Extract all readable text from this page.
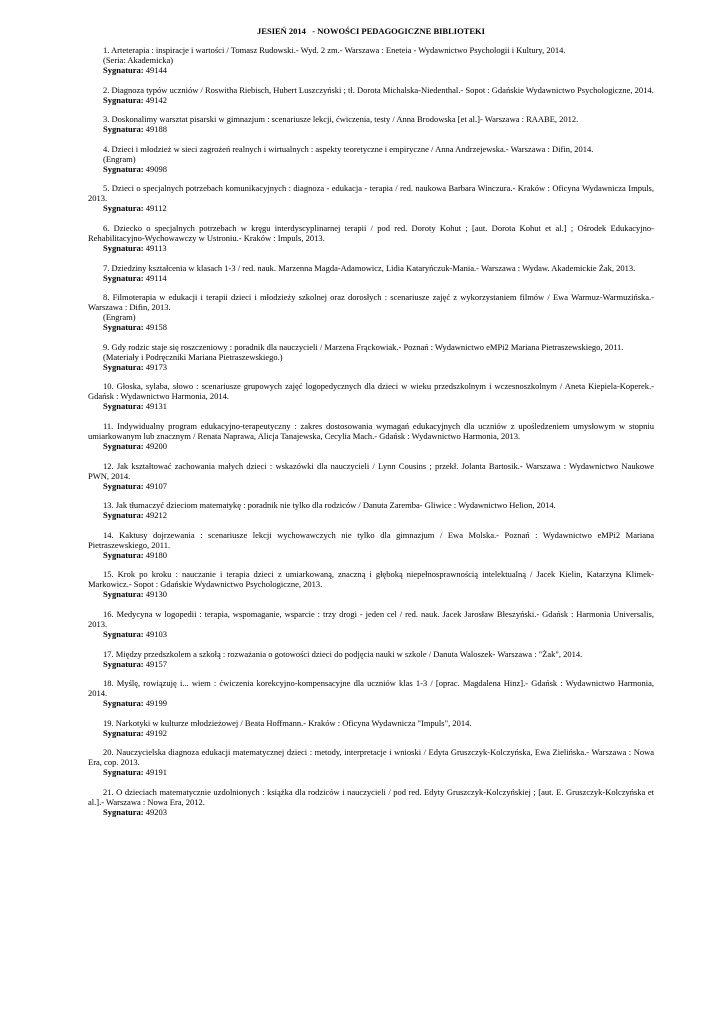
JESIEŃ 2014   - NOWOŚCI PEDAGOGICZNE BIBLIOTEKI

1. Arteterapia : inspiracje i wartości / Tomasz Rudowski.- Wyd. 2 zm.- Warszawa : Eneteia - Wydawnictwo Psychologii i Kultury, 2014.

(Seria: Akademicka)
Sygnatura: 49144

2. Diagnoza typów uczniów / Roswitha Riebisch, Hubert Luszczyński ; tł. Dorota Michalska-Niedenthal.- Sopot : Gdańskie Wydawnictwo Psychologiczne, 2014.

Sygnatura: 49142

3. Doskonalimy warsztat pisarski w gimnazjum : scenariusze lekcji, ćwiczenia, testy / Anna Brodowska [et al.]- Warszawa : RAABE, 2012.

Sygnatura: 49188

4. Dzieci i młodzież w sieci zagrożeń realnych i wirtualnych : aspekty teoretyczne i empiryczne / Anna Andrzejewska.- Warszawa : Difin, 2014.

(Engram)
Sygnatura: 49098

5. Dzieci o specjalnych potrzebach komunikacyjnych : diagnoza - edukacja - terapia / red. naukowa Barbara Winczura.- Kraków : Oficyna Wydawnicza Impuls, 2013.

Sygnatura: 49112

6. Dziecko o specjalnych potrzebach w kręgu interdyscyplinarnej terapii / pod red. Doroty Kohut ; [aut. Dorota Kohut et al.] ; Ośrodek Edukacyjno-Rehabilitacyjno-Wychowawczy w Ustroniu.- Kraków : Impuls, 2013.

Sygnatura: 49113

7. Dziedziny kształcenia w klasach 1-3 / red. nauk. Marzenna Magda-Adamowicz, Lidia Kataryńczuk-Mania.- Warszawa : Wydaw. Akademickie Żak, 2013.

Sygnatura: 49114

8. Filmoterapia w edukacji i terapii dzieci i młodzieży szkolnej oraz dorosłych : scenariusze zajęć z wykorzystaniem filmów / Ewa Warmuz-Warmuzińska.- Warszawa : Difin, 2013.

(Engram)
Sygnatura: 49158

9. Gdy rodzic staje się roszczeniowy : poradnik dla nauczycieli / Marzena Frąckowiak.- Poznań : Wydawnictwo eMPi2 Mariana Pietraszewskiego, 2011.

(Materiały i Podręczniki Mariana Pietraszewskiego.)
Sygnatura: 49173

10. Głoska, sylaba, słowo : scenariusze grupowych zajęć logopedycznych dla dzieci w wieku przedszkolnym i wczesnoszkolnym / Aneta Kiepiela-Koperek.- Gdańsk : Wydawnictwo Harmonia, 2014.

Sygnatura: 49131

11. Indywidualny program edukacyjno-terapeutyczny : zakres dostosowania wymagań edukacyjnych dla uczniów z upośledzeniem umysłowym w stopniu umiarkowanym lub znacznym / Renata Naprawa, Alicja Tanajewska, Cecylia Mach.- Gdańsk : Wydawnictwo Harmonia, 2013.

Sygnatura: 49200

12. Jak kształtować zachowania małych dzieci : wskazówki dla nauczycieli / Lynn Cousins ; przekł. Jolanta Bartosik.- Warszawa : Wydawnictwo Naukowe PWN, 2014.

Sygnatura: 49107

13. Jak tłumaczyć dzieciom matematykę : poradnik nie tylko dla rodziców / Danuta Zaremba- Gliwice : Wydawnictwo Helion, 2014.

Sygnatura: 49212

14. Kaktusy dojrzewania : scenariusze lekcji wychowawczych nie tylko dla gimnazjum / Ewa Molska.- Poznań : Wydawnictwo eMPi2 Mariana Pietraszewskiego, 2011.

Sygnatura: 49180

15. Krok po kroku : nauczanie i terapia dzieci z umiarkowaną, znaczną i głęboką niepełnosprawnością intelektualną / Jacek Kielin, Katarzyna Klimek-Markowicz.- Sopot : Gdańskie Wydawnictwo Psychologiczne, 2013.

Sygnatura: 49130

16. Medycyna w logopedii : terapia, wspomaganie, wsparcie : trzy drogi - jeden cel / red. nauk. Jacek Jarosław Błeszyński.- Gdańsk : Harmonia Universalis, 2013.

Sygnatura: 49103

17. Między przedszkolem a szkołą : rozważania o gotowości dzieci do podjęcia nauki w szkole / Danuta Waloszek- Warszawa : "Żak", 2014.

Sygnatura: 49157

18. Myślę, rowiązuję i... wiem : ćwiczenia korekcyjno-kompensacyjne dla uczniów klas 1-3 / [oprac. Magdalena Hinz].- Gdańsk : Wydawnictwo Harmonia, 2014.

Sygnatura: 49199

19. Narkotyki w kulturze młodzieżowej / Beata Hoffmann.- Kraków : Oficyna Wydawnicza "Impuls", 2014.

Sygnatura: 49192

20. Nauczycielska diagnoza edukacji matematycznej dzieci : metody, interpretacje i wnioski / Edyta Gruszczyk-Kolczyńska, Ewa Zielińska.- Warszawa : Nowa Era, cop. 2013.

Sygnatura: 49191

21. O dzieciach matematycznie uzdolnionych : książka dla rodziców i nauczycieli / pod red. Edyty Gruszczyk-Kolczyńskiej ; [aut. E. Gruszczyk-Kolczyńska et al.].- Warszawa : Nowa Era, 2012.

Sygnatura: 49203
